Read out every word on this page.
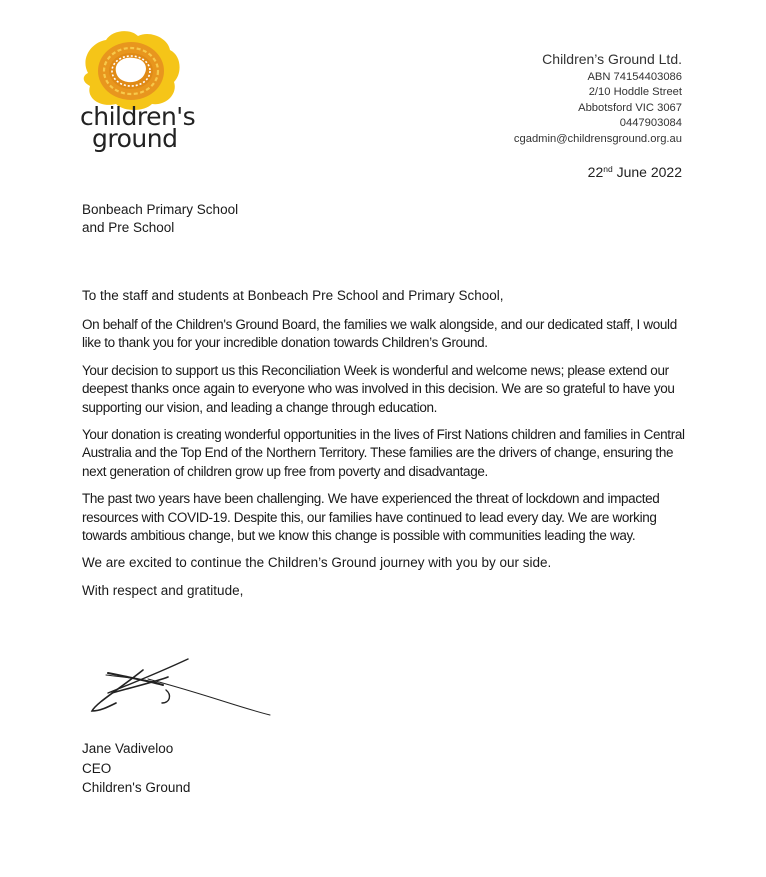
children's
ground
Children’s Ground Ltd.
ABN 74154403086
2/10 Hoddle Street
Abbotsford VIC 3067
0447903084
cgadmin@childrensground.org.au
22nd June 2022
Bonbeach Primary School
and Pre School

To the staff and students at Bonbeach Pre School and Primary School,

On behalf of the Children's Ground Board, the families we walk alongside, and our dedicated staff, I would like to thank you for your incredible donation towards Children’s Ground.

Your decision to support us this Reconciliation Week is wonderful and welcome news; please extend our deepest thanks once again to everyone who was involved in this decision. We are so grateful to have you supporting our vision, and leading a change through education.

Your donation is creating wonderful opportunities in the lives of First Nations children and families in Central Australia and the Top End of the Northern Territory. These families are the drivers of change, ensuring the next generation of children grow up free from poverty and disadvantage.

The past two years have been challenging. We have experienced the threat of lockdown and impacted resources with COVID-19. Despite this, our families have continued to lead every day. We are working towards ambitious change, but we know this change is possible with communities leading the way.

We are excited to continue the Children’s Ground journey with you by our side.

With respect and gratitude,

Jane Vadiveloo
CEO
Children's Ground
